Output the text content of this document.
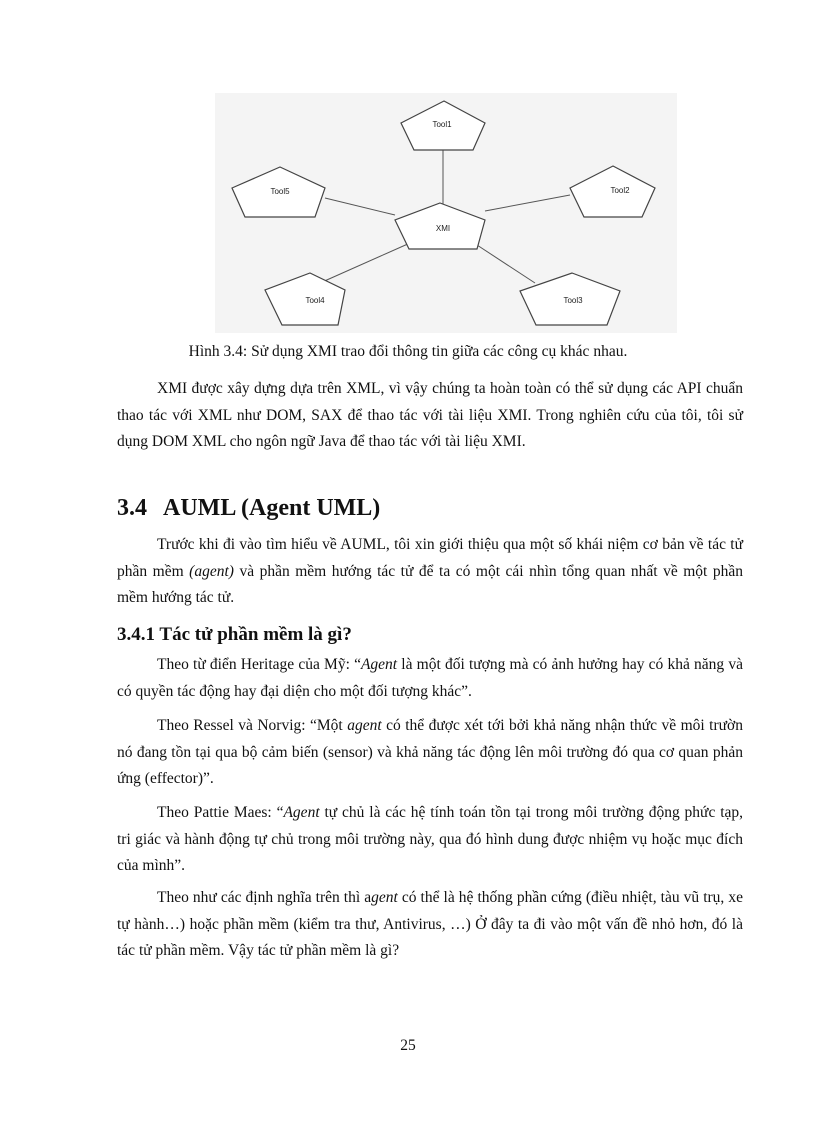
Tool1
Tool5	Tool2
XMI
Tool4	Tool3
Hình 3.4: Sử dụng XMI trao đổi thông tin giữa các công cụ khác nhau.

XMI được xây dựng dựa trên XML, vì vậy chúng ta hoàn toàn có thể sử dụng các API chuẩn thao tác với XML như DOM, SAX để thao tác với tài liệu XMI. Trong nghiên cứu của tôi, tôi sử dụng DOM XML cho ngôn ngữ Java để thao tác với tài liệu XMI.

3.4 AUML (Agent UML)

Trước khi đi vào tìm hiểu về AUML, tôi xin giới thiệu qua một số khái niệm cơ bản về tác tử phần mềm (agent) và phần mềm hướng tác tử để ta có một cái nhìn tổng quan nhất về một phần mềm hướng tác tử.

3.4.1 Tác tử phần mềm là gì?

Theo từ điển Heritage của Mỹ: “Agent là một đối tượng mà có ảnh hưởng hay có khả năng và có quyền tác động hay đại diện cho một đối tượng khác”.

Theo Ressel và Norvig: “Một agent có thể được xét tới bởi khả năng nhận thức về môi trườn nó đang tồn tại qua bộ cảm biến (sensor) và khả năng tác động lên môi trường đó qua cơ quan phản ứng (effector)”.

Theo Pattie Maes: “Agent tự chủ là các hệ tính toán tồn tại trong môi trường động phức tạp, tri giác và hành động tự chủ trong môi trường này, qua đó hình dung được nhiệm vụ hoặc mục đích của mình”.

Theo như các định nghĩa trên thì agent có thể là hệ thống phần cứng (điều nhiệt, tàu vũ trụ, xe tự hành…) hoặc phần mềm (kiểm tra thư, Antivirus, …) Ở đây ta đi vào một vấn đề nhỏ hơn, đó là tác tử phần mềm. Vậy tác tử phần mềm là gì?

25
